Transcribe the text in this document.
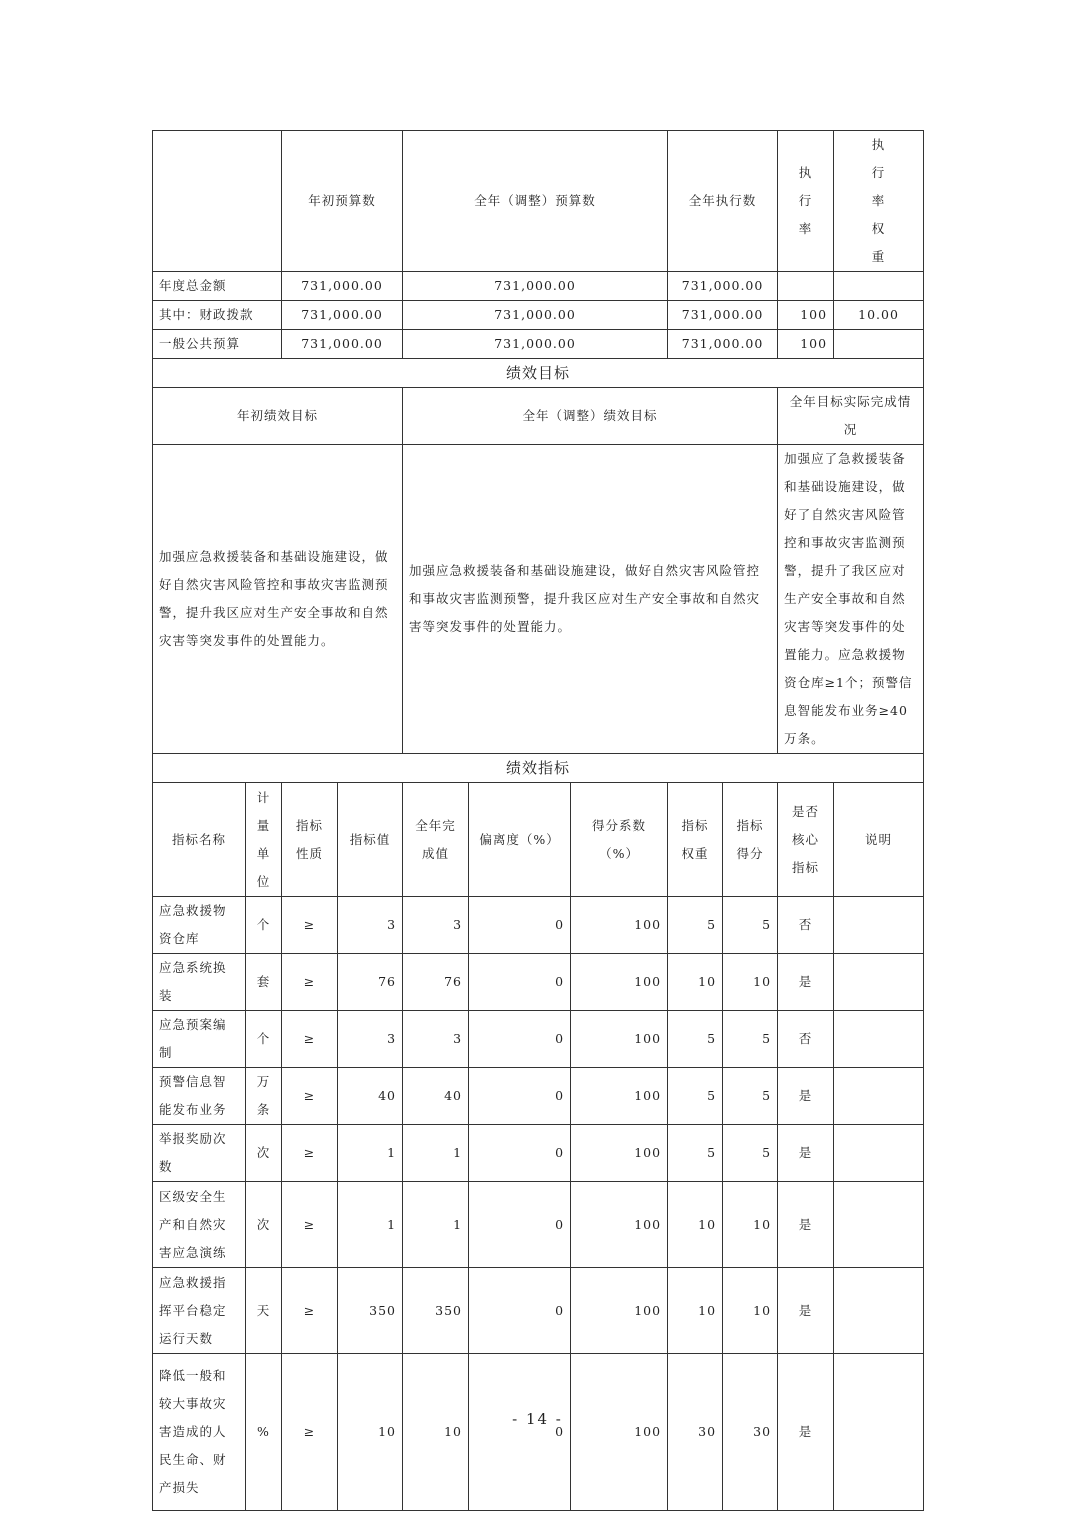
		年初预算数		全年（调整）预算数			全年执行数		执行率	执行率权重	
年度总金额		731,000.00		731,000.00			731,000.00				
其中：财政拨款		731,000.00		731,000.00			731,000.00		100	10.00	
一般公共预算		731,000.00		731,000.00			731,000.00		100		
绩效目标											
年初绩效目标				全年（调整）绩效目标					全年目标实际完成情况		
加强应急救援装备和基础设施建设，做好自然灾害风险管控和事故灾害监测预警，提升我区应对生产安全事故和自然灾害等突发事件的处置能力。				加强应急救援装备和基础设施建设，做好自然灾害风险管控和事故灾害监测预警，提升我区应对生产安全事故和自然灾害等突发事件的处置能力。					加强应了急救援装备和基础设施建设，做好了自然灾害风险管控和事故灾害监测预警，提升了我区应对生产安全事故和自然灾害等突发事件的处置能力。应急救援物资仓库≥1个；预警信息智能发布业务≥40万条。		
绩效指标											
指标名称	计量单位	指标性质	指标值	全年完成值	偏离度（%）	得分系数（%）	指标权重	指标得分	是否核心指标	说明	
应急救援物资仓库	个	≥	3	3	0	100	5	5	否		
应急系统换装	套	≥	76	76	0	100	10	10	是		
应急预案编制	个	≥	3	3	0	100	5	5	否		
预警信息智能发布业务	万条	≥	40	40	0	100	5	5	是		
举报奖励次数	次	≥	1	1	0	100	5	5	是		
区级安全生产和自然灾害应急演练	次	≥	1	1	0	100	10	10	是		
应急救援指挥平台稳定运行天数	天	≥	350	350	0	100	10	10	是		
降低一般和较大事故灾害造成的人民生命、财产损失	%	≥	10	10	0	100	30	30	是		
- 14 -
